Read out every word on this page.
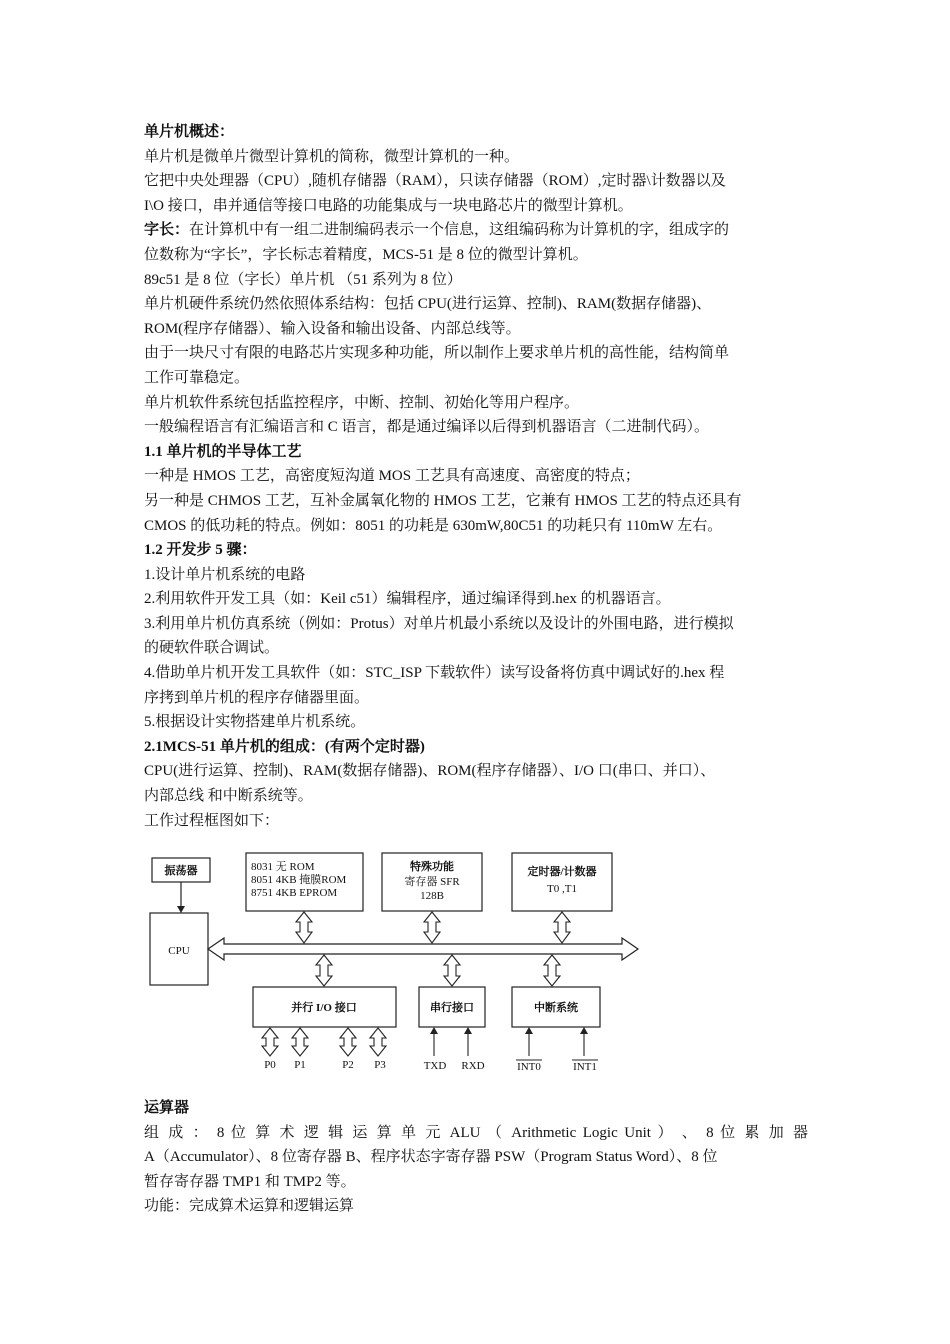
单片机概述：
单片机是微单片微型计算机的简称，微型计算机的一种。
它把中央处理器（CPU）,随机存储器（RAM），只读存储器（ROM）,定时器\计数器以及
I\O 接口，串并通信等接口电路的功能集成与一块电路芯片的微型计算机。
字长：在计算机中有一组二进制编码表示一个信息，这组编码称为计算机的字，组成字的
位数称为“字长”，字长标志着精度，MCS-51 是 8 位的微型计算机。
89c51 是 8 位（字长）单片机 （51 系列为 8 位）
单片机硬件系统仍然依照体系结构：包括 CPU(进行运算、控制)、RAM(数据存储器)、
ROM(程序存储器）、输入设备和输出设备、内部总线等。
由于一块尺寸有限的电路芯片实现多种功能，所以制作上要求单片机的高性能，结构简单
工作可靠稳定。
单片机软件系统包括监控程序，中断、控制、初始化等用户程序。
一般编程语言有汇编语言和 C 语言，都是通过编译以后得到机器语言（二进制代码）。
1.1 单片机的半导体工艺
一种是 HMOS 工艺，高密度短沟道 MOS 工艺具有高速度、高密度的特点；
另一种是 CHMOS 工艺，互补金属氧化物的 HMOS 工艺，它兼有 HMOS 工艺的特点还具有
CMOS 的低功耗的特点。例如：8051 的功耗是 630mW,80C51 的功耗只有 110mW 左右。
1.2 开发步 5 骤：
1.设计单片机系统的电路
2.利用软件开发工具（如：Keil c51）编辑程序，通过编译得到.hex 的机器语言。
3.利用单片机仿真系统（例如：Protus）对单片机最小系统以及设计的外围电路，进行模拟
的硬软件联合调试。
4.借助单片机开发工具软件（如：STC_ISP 下载软件）读写设备将仿真中调试好的.hex 程
序拷到单片机的程序存储器里面。
5.根据设计实物搭建单片机系统。
2.1MCS-51 单片机的组成：(有两个定时器)
CPU(进行运算、控制)、RAM(数据存储器)、ROM(程序存储器）、I/O 口(串口、并口）、
内部总线 和中断系统等。
工作过程框图如下：
振荡器
CPU
8031 无 ROM
8051 4KB 掩膜ROM
8751 4KB EPROM
特殊功能
寄存器 SFR
128B
定时器/计数器
T0 ,T1
并行 I/O 接口	串行接口	中断系统
P0 P1	P2 P3	TXD RXD	INT0	INT1
运算器
组 成 ： 8 位 算 术 逻 辑 运 算 单 元 ALU （ Arithmetic Logic Unit ） 、 8 位 累 加 器
A（Accumulator）、8 位寄存器 B、程序状态字寄存器 PSW（Program Status Word）、8 位
暂存寄存器 TMP1 和 TMP2 等。
功能：完成算术运算和逻辑运算
